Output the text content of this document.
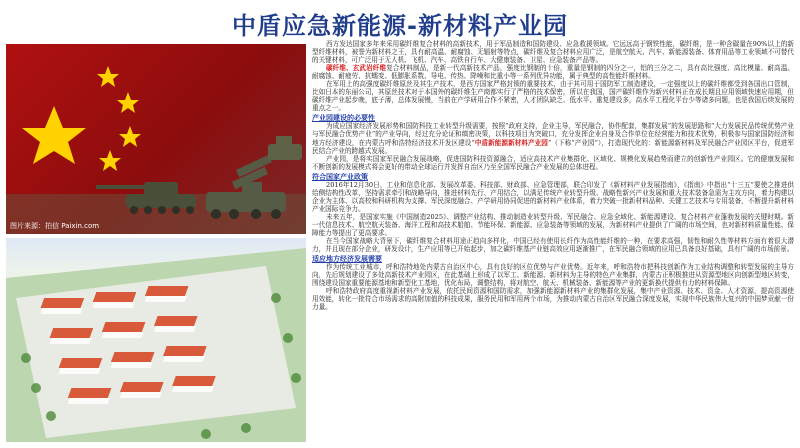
中盾应急新能源-新材料产业园
图片来源：拍信 Paixin.com

西方发达国家多年来采用碳纤维复合材料的高新技术，用于军品制造和国防建设、应急救援领域。它远远高于钢铁性能，碳纤维，是一种含碳量在90%以上的新型纤维材料，被誉为新材料之王，具有耐高温、耐腐蚀、无辐射等特点，碳纤维及复合材料应用广泛，是航空航天、汽车、新能源装备、体育用品等工业领域不可替代的关键材料，可广泛用于无人机、飞机、汽车、高铁自行车、大健康装备、卫星、应急装备产品等。

碳纤维、玄武岩纤维复合材料制品，是新一代高新技术产品，强度比钢制的十倍，重量是钢制的四分之一，铝的三分之二，具有高比强度、高比模量、耐高温、耐腐蚀、耐疲劳、抗蠕变、低膨胀系数、导电、传热、降噪和比重小等一系列优异功能，属于典型的高性能纤维材料。

在军用上的高强度碳纤维原丝及其生产技术，是西方国家严格封锁的重要技术，由于其可用于国防军工制造建设，一定强度以上的碳纤维都受到各国出口管制，比如日本的东丽公司，其原丝技术对于本国外的碳纤维生产商都实行了严格的技术保密，所以在我国，国产碳纤维作为新兴材料正在成长期且应用领域快速应用期，但碳纤维产业起步晚，底子薄，总体发展慢，当前在产学研用合作不紧密，人才团队缺乏、低水平、重复建设多，高水平工程化平台少等诸多问题，也是我国后续发展的重点之一。

产业园建设的必要性

为成应国家经济发展形势和国防科技工业转型升级需要，按照“政府支持，企业主导，军民融合，协作配套，集群发展”的发展思路和“大力发展民品传统优势产业与军民融合优势产业”的产业导向，经过充分论证和缜密决策，以科技项目为突破口，充分发挥企业自身及合作单位在经营能力和技术优势，积极参与国家国防经济和地方经济建设，在内蒙古呼和浩特经济技术开发区建设“中盾新能源新材料产业园”（下称“产业园”），打造现代化的：新能源新材料及军民融合产业园区平台，促进军民结合产业的跨越式发展。

产业园，是将实国家军民融合发展战略，促进国防科技资源融合，适应高技术产业集群化、区域化、规模化发展趋势而建立的创新性产业园区。它的健康发展和不断创新的发展模式将会更好的带动全球运行并发挥自治区乃至全国军民融合产业发展的总体进程。

符合国家产业政策

2016年12月30日，工业和信息化部、发展改革委、科技部、财政部、应急管理部，联合印发了《新材料产业发展指南》，《指南》中指出“十三五”要使之推进供给侧结构性改革，坚持需求牵引和战略导向，推进材料先行、产用结合，以满足传统产业转型升级、战略性新兴产业发展和重大技术装备急需为主攻方向，着力构建以企业为主体、以高校和科研机构为支撑、军民深度融合、产学研用协同促进的新材料产业体系，着力突破一批新材料品种、关键工艺技术与专用装备，不断提升新材料产业国际竞争力。

未来五年，是国家实施《中国制造2025》、调整产业结构、推动制造业转型升级、军民融合、应急全域化、新能源建设、复合材料产业蓬勃发展的关键时期。新一代信息技术、航空航天装备、海洋工程和高技术船舶、节能环保、新能源、应急装备等领域的发展，为新材料产业提供了广阔的市场空间，也对新材料质量性能、保障能力等提出了更高要求。

在当今国家战略大背景下，碳纤维复合材料用途正趋向多样化，中国已经有使用长纤作为高性能纤维的一种，在要求高强，韧性和耐久性等材料方面有着很大潜力，并且现在部分企业，研发设计，生产应用等已开始起步，加之碳纤维基产业链高效应用逐渐推广，在军民融合领域的应用已具备良好基础，具有广阔的市场前景。

适应地方经济发展需要

作为传统工业城市，呼和浩特地处内蒙古自治区中心，具有良好的区位优势与产业优势。近年来，呼和浩特市把科技创新作为工业结构调整和转型发展的主导方向，先后规划建设了多处高新技术产业园区，在此基础上形成了以军工、新能源、新材料为主导的特色产业集群，内蒙古正积极推进从资源型地区向创新型地区转变，围绕建设国家重要能源基地和新型化工基地，优化布局，调整结构，将对航空、航天、机械装备、新能源等产业的更新换代提供有力的材料保障。

呼和浩特政府高度重视新材料产业发展，依托民间资源和国防需求，加强新能源新材料产业的集群化发展，集中产业资源、技术、资金、人才资源，提高资源使用效能，转化一批符合市场需求的高附加值的科技成果，服务民用和军用两个市场，为推动内蒙古自治区军民融合深度发展，实现中华民族伟大复兴的中国梦贡献一份力量。
